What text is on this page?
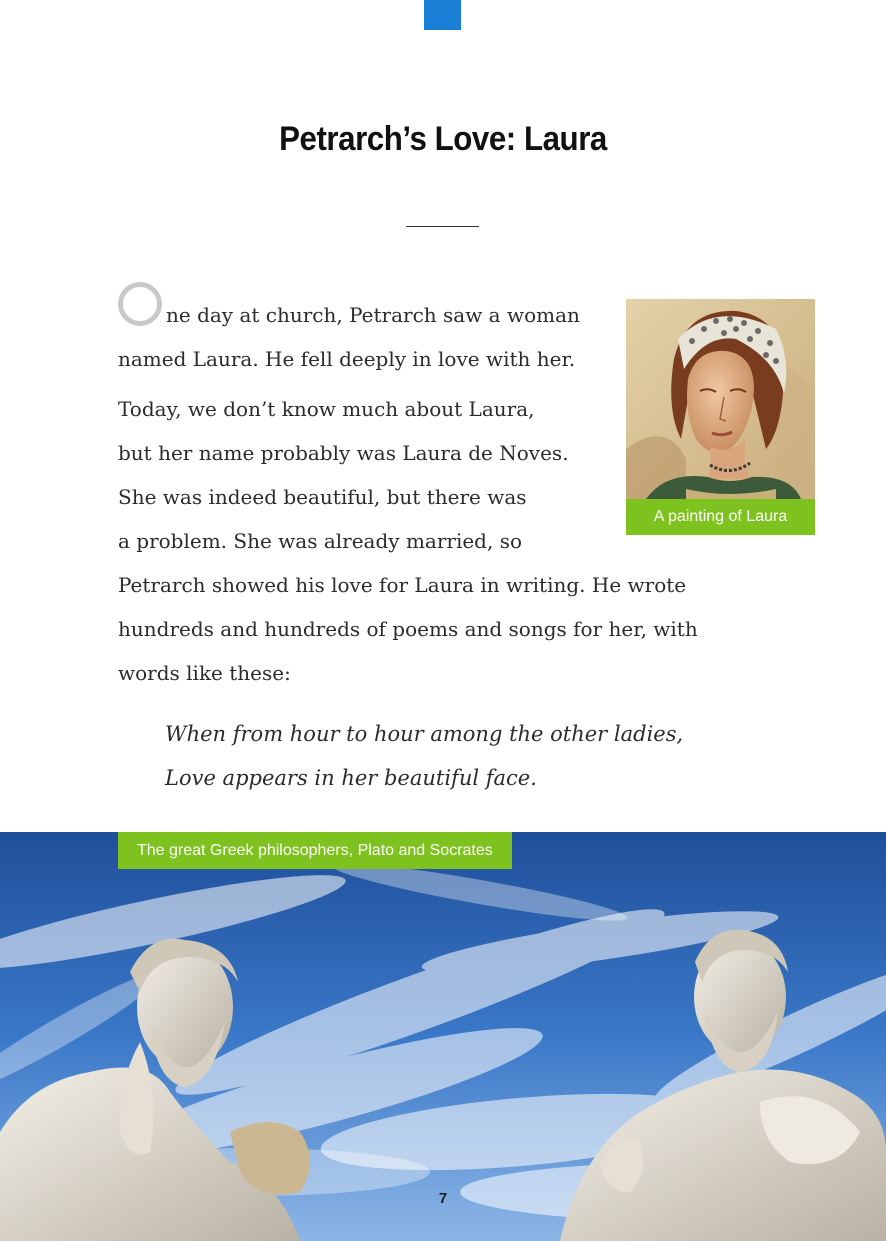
Petrarch’s Love: Laura

ne day at church, Petrarch saw a woman

named Laura. He fell deeply in love with her.

Today, we don’t know much about Laura,

but her name probably was Laura de Noves.

She was indeed beautiful, but there was

a problem. She was already married, so

Petrarch showed his love for Laura in writing. He wrote

hundreds and hundreds of poems and songs for her, with

words like these:

A painting of Laura
When from hour to hour among the other ladies,
Love appears in her beautiful face.
The great Greek philosophers, Plato and Socrates
7
